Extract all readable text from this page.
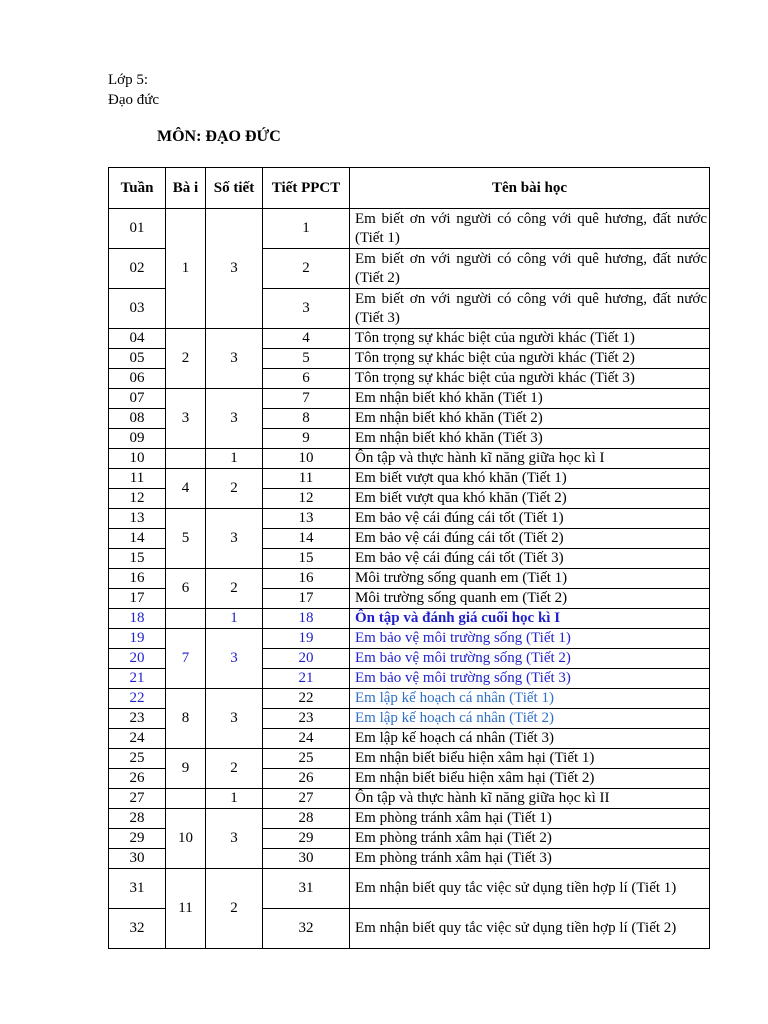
Lớp 5:
Đạo đức
MÔN: ĐẠO ĐỨC
Tuần	Bà i	Số tiết	Tiết PPCT	Tên bài học
01	1	3	1	Em biết ơn với người có công với quê hương, đất nước (Tiết 1)
02			2	Em biết ơn với người có công với quê hương, đất nước (Tiết 2)
03			3	Em biết ơn với người có công với quê hương, đất nước (Tiết 3)
04	2	3	4	Tôn trọng sự khác biệt của người khác (Tiết 1)
05			5	Tôn trọng sự khác biệt của người khác (Tiết 2)
06			6	Tôn trọng sự khác biệt của người khác (Tiết 3)
07	3	3	7	Em nhận biết khó khăn (Tiết 1)
08			8	Em nhận biết khó khăn (Tiết 2)
09			9	Em nhận biết khó khăn (Tiết 3)
10		1	10	Ôn tập và thực hành kĩ năng giữa học kì I
11	4	2	11	Em biết vượt qua khó khăn (Tiết 1)
12			12	Em biết vượt qua khó khăn (Tiết 2)
13	5	3	13	Em bảo vệ cái đúng cái tốt (Tiết 1)
14			14	Em bảo vệ cái đúng cái tốt (Tiết 2)
15			15	Em bảo vệ cái đúng cái tốt (Tiết 3)
16	6	2	16	Môi trường sống quanh em (Tiết 1)
17			17	Môi trường sống quanh em (Tiết 2)
18		1	18	Ôn tập và đánh giá cuối học kì I
19	7	3	19	Em bảo vệ môi trường sống (Tiết 1)
20			20	Em bảo vệ môi trường sống (Tiết 2)
21			21	Em bảo vệ môi trường sống (Tiết 3)
22	8	3	22	Em lập kế hoạch cá nhân (Tiết 1)
23			23	Em lập kế hoạch cá nhân (Tiết 2)
24			24	Em lập kế hoạch cá nhân (Tiết 3)
25	9	2	25	Em nhận biết biểu hiện xâm hại (Tiết 1)
26			26	Em nhận biết biểu hiện xâm hại (Tiết 2)
27		1	27	Ôn tập và thực hành kĩ năng giữa học kì II
28	10	3	28	Em phòng tránh xâm hại (Tiết 1)
29			29	Em phòng tránh xâm hại (Tiết 2)
30			30	Em phòng tránh xâm hại (Tiết 3)
31	11	2	31	Em nhận biết quy tắc việc sử dụng tiền hợp lí (Tiết 1)
32			32	Em nhận biết quy tắc việc sử dụng tiền hợp lí (Tiết 2)
